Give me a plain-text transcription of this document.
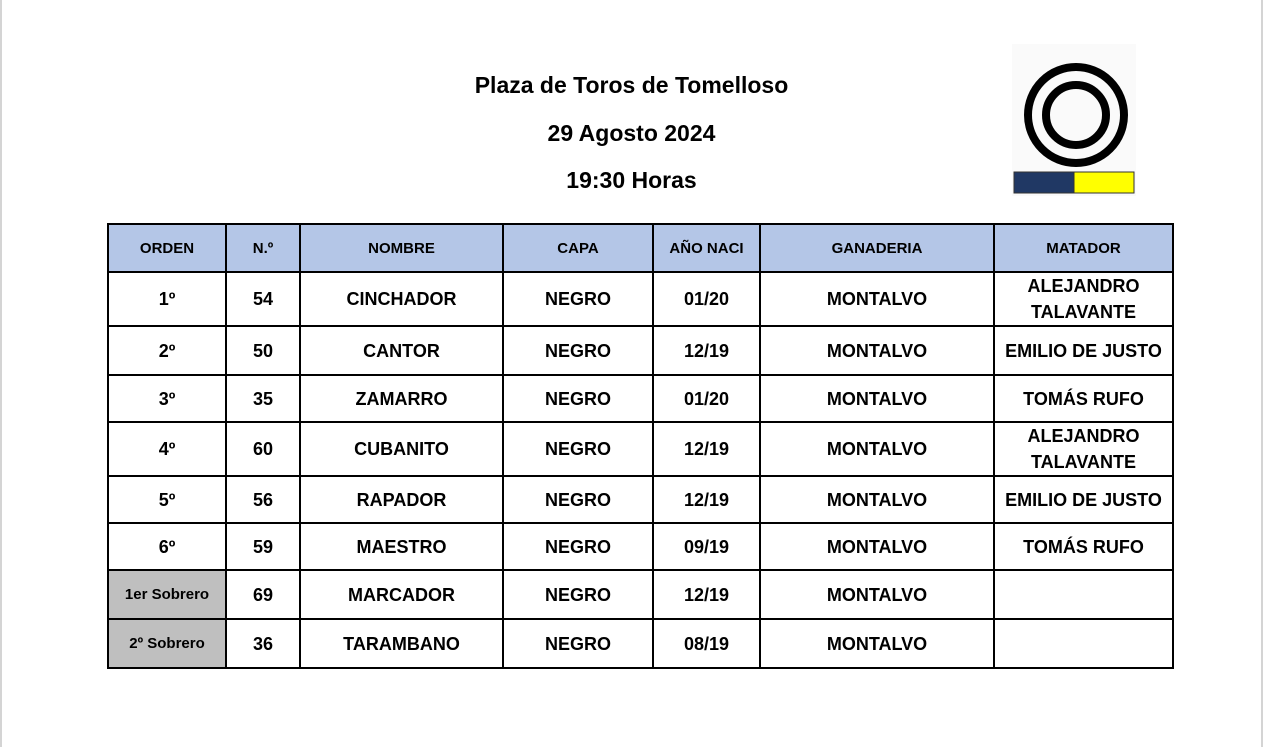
Plaza de Toros de Tomelloso
29 Agosto 2024
19:30 Horas
ORDEN	N.º	NOMBRE	CAPA	AÑO NACI	GANADERIA	MATADOR
1º	54	CINCHADOR	NEGRO	01/20	MONTALVO	ALEJANDRO TALAVANTE
2º	50	CANTOR	NEGRO	12/19	MONTALVO	EMILIO DE JUSTO
3º	35	ZAMARRO	NEGRO	01/20	MONTALVO	TOMÁS RUFO
4º	60	CUBANITO	NEGRO	12/19	MONTALVO	ALEJANDRO TALAVANTE
5º	56	RAPADOR	NEGRO	12/19	MONTALVO	EMILIO DE JUSTO
6º	59	MAESTRO	NEGRO	09/19	MONTALVO	TOMÁS RUFO
1er Sobrero	69	MARCADOR	NEGRO	12/19	MONTALVO	
2º Sobrero	36	TARAMBANO	NEGRO	08/19	MONTALVO	
